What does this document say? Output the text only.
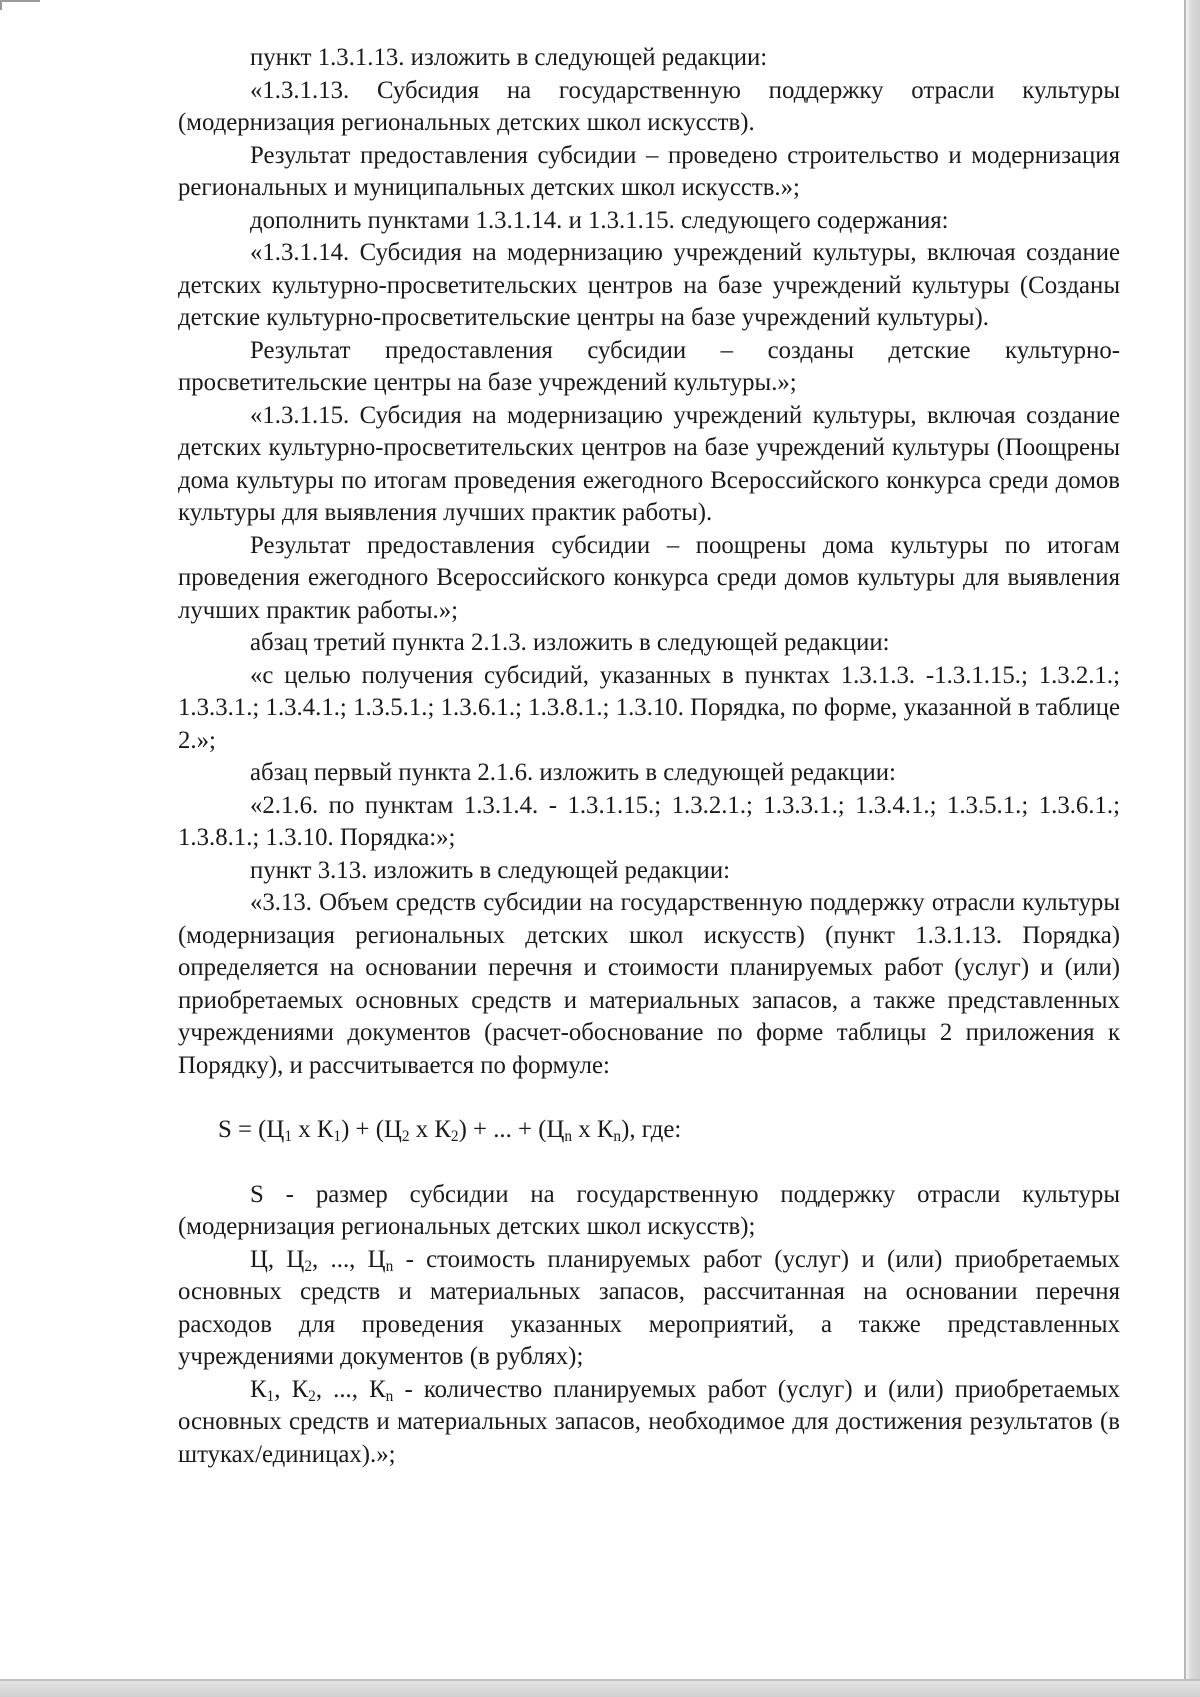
пункт 1.3.1.13. изложить в следующей редакции:

«1.3.1.13. Субсидия на государственную поддержку отрасли культуры (модернизация региональных детских школ искусств).

Результат предоставления субсидии – проведено строительство и модернизация региональных и муниципальных детских школ искусств.»;

дополнить пунктами 1.3.1.14. и 1.3.1.15. следующего содержания:

«1.3.1.14. Субсидия на модернизацию учреждений культуры, включая создание детских культурно-просветительских центров на базе учреждений культуры (Созданы детские культурно-просветительские центры на базе учреждений культуры).

Результат предоставления субсидии – созданы детские культурно-просветительские центры на базе учреждений культуры.»;

«1.3.1.15. Субсидия на модернизацию учреждений культуры, включая создание детских культурно-просветительских центров на базе учреждений культуры (Поощрены дома культуры по итогам проведения ежегодного Всероссийского конкурса среди домов культуры для выявления лучших практик работы).

Результат предоставления субсидии – поощрены дома культуры по итогам проведения ежегодного Всероссийского конкурса среди домов культуры для выявления лучших практик работы.»;

абзац третий пункта 2.1.3. изложить в следующей редакции:

«с целью получения субсидий, указанных в пунктах 1.3.1.3. -1.3.1.15.; 1.3.2.1.; 1.3.3.1.; 1.3.4.1.; 1.3.5.1.; 1.3.6.1.; 1.3.8.1.; 1.3.10. Порядка, по форме, указанной в таблице 2.»;

абзац первый пункта 2.1.6. изложить в следующей редакции:

«2.1.6. по пунктам 1.3.1.4. - 1.3.1.15.; 1.3.2.1.; 1.3.3.1.; 1.3.4.1.; 1.3.5.1.; 1.3.6.1.; 1.3.8.1.; 1.3.10. Порядка:»;

пункт 3.13. изложить в следующей редакции:

«3.13. Объем средств субсидии на государственную поддержку отрасли культуры (модернизация региональных детских школ искусств) (пункт 1.3.1.13. Порядка) определяется на основании перечня и стоимости планируемых работ (услуг) и (или) приобретаемых основных средств и материальных запасов, а также представленных учреждениями документов (расчет-обоснование по форме таблицы 2 приложения к Порядку), и рассчитывается по формуле:

$S = (Ц_1$ х $К_1) + (Ц_2$ х $К_2$) + ... + ($Ц_n$ х $К_n$), где:

S - размер субсидии на государственную поддержку отрасли культуры (модернизация региональных детских школ искусств);

Ц, $Ц_2$, ..., $Ц_n$ - стоимость планируемых работ (услуг) и (или) приобретаемых основных средств и материальных запасов, рассчитанная на основании перечня расходов для проведения указанных мероприятий, а также представленных учреждениями документов (в рублях);

$К_1$, $К_2$, ..., $К_n$ - количество планируемых работ (услуг) и (или) приобретаемых основных средств и материальных запасов, необходимое для достижения результатов (в штуках/единицах).»;
